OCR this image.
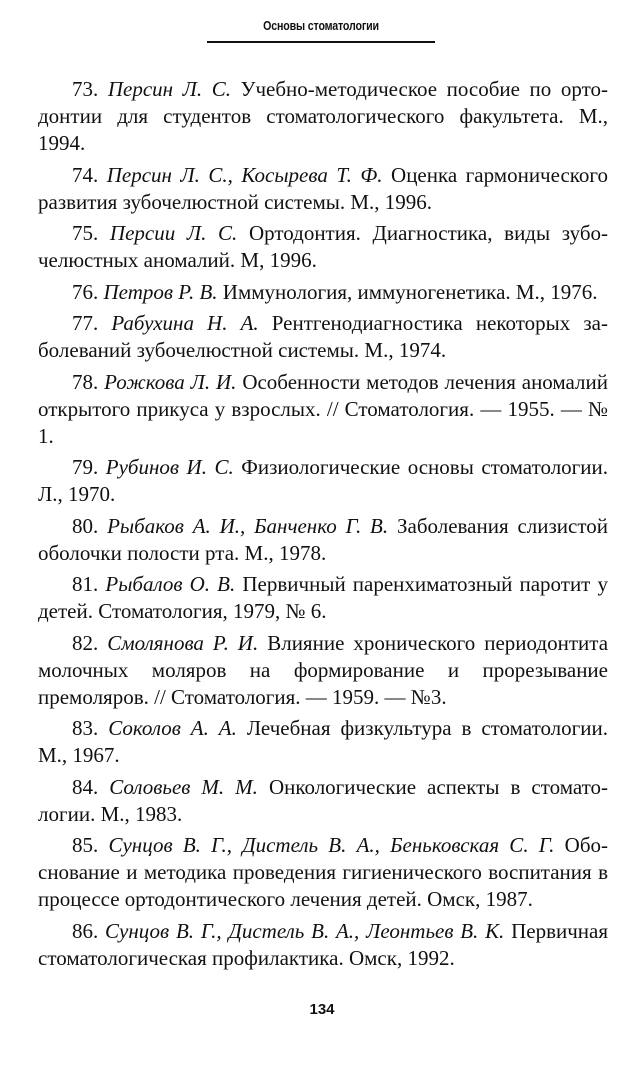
Основы стоматологии
73. Персин Л. С. Учебно-методическое пособие по ортодонтии для студентов стоматологического факультета. М., 1994.
74. Персин Л. С., Косырева Т. Ф. Оценка гармонического развития зубочелюстной системы. М., 1996.
75. Персии Л. С. Ортодонтия. Диагностика, виды зубочелюстных аномалий. М, 1996.
76. Петров Р. В. Иммунология, иммуногенетика. М., 1976.
77. Рабухина Н. А. Рентгенодиагностика некоторых заболеваний зубочелюстной системы. М., 1974.
78. Рожкова Л. И. Особенности методов лечения аномалий открытого прикуса у взрослых. // Стоматология. — 1955. — № 1.
79. Рубинов И. С. Физиологические основы стоматологии. Л., 1970.
80. Рыбаков А. И., Банченко Г. В. Заболевания слизистой оболочки полости рта. М., 1978.
81. Рыбалов О. В. Первичный паренхиматозный паротит у детей. Стоматология, 1979, № 6.
82. Смолянова Р. И. Влияние хронического периодонтита молочных моляров на формирование и прорезывание премоляров. // Стоматология. — 1959. — №3.
83. Соколов А. А. Лечебная физкультура в стоматологии. М., 1967.
84. Соловьев М. М. Онкологические аспекты в стоматологии. М., 1983.
85. Сунцов В. Г., Дистель В. А., Беньковская С. Г. Обоснование и методика проведения гигиенического воспитания в процессе ортодонтического лечения детей. Омск, 1987.
86. Сунцов В. Г., Дистель В. А., Леонтьев В. К. Первичная стоматологическая профилактика. Омск, 1992.
134
